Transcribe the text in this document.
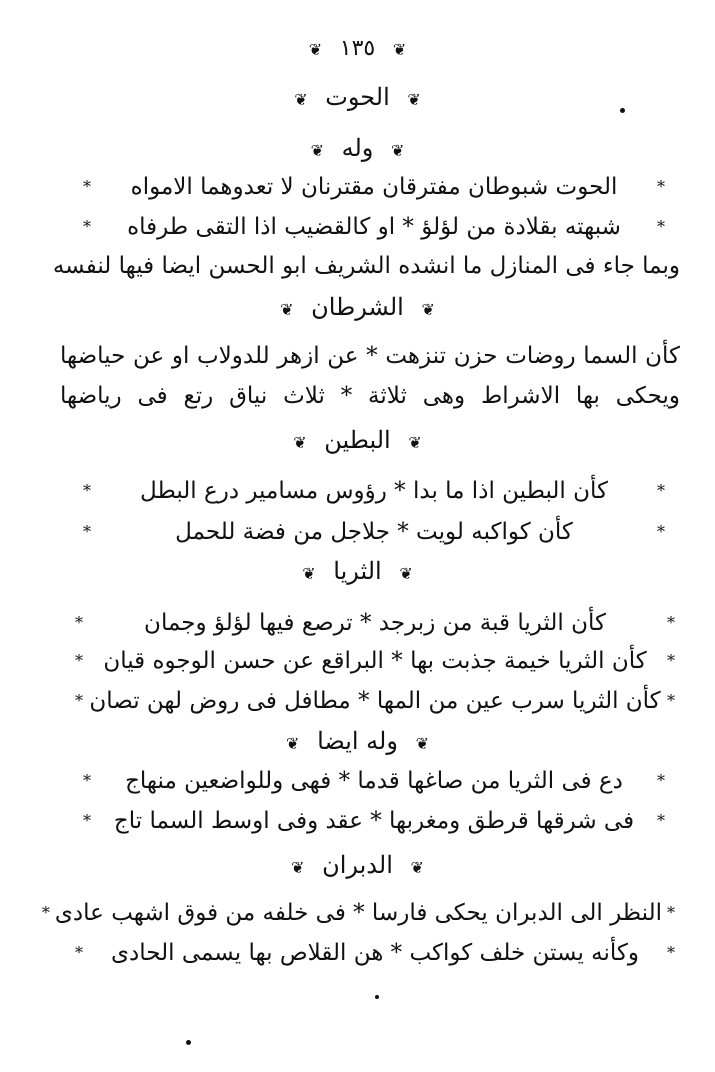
❦ ١٣٥ ❦
❦ الحوت ❦
❦ وله ❦
*
الحوت شبوطان مفترقان مقترنان لا تعدوهما الامواه
*
*
شبهته بقلادة من لؤلؤ * او كالقضيب اذا التقى طرفاه
*
وبما جاء فى المنازل ما انشده الشريف ابو الحسن ايضا فيها لنفسه
❦ الشرطان ❦
كأن السما روضات حزن تنزهت * عن ازهر للدولاب او عن حياضها
ويحكى بها الاشراط وهى ثلاثة * ثلاث نياق رتع فى رياضها
❦ البطين ❦
*
كأن البطين اذا ما بدا * رؤوس مسامير درع البطل
*
*
كأن كواكبه لويت * جلاجل من فضة للحمل
*
❦ الثريا ❦
*
كأن الثريا قبة من زبرجد * ترصع فيها لؤلؤ وجمان
*
*
كأن الثريا خيمة جذبت بها * البراقع عن حسن الوجوه قيان
*
*
كأن الثريا سرب عين من المها * مطافل فى روض لهن تصان
*
❦ وله ايضا ❦
*
دع فى الثريا من صاغها قدما * فهى وللواضعين منهاج
*
*
فى شرقها قرطق ومغربها * عقد وفى اوسط السما تاج
*
❦ الدبران ❦
*
النظر الى الدبران يحكى فارسا * فى خلفه من فوق اشهب عادى
*
*
وكأنه يستن خلف كواكب * هن القلاص بها يسمى الحادى
*
